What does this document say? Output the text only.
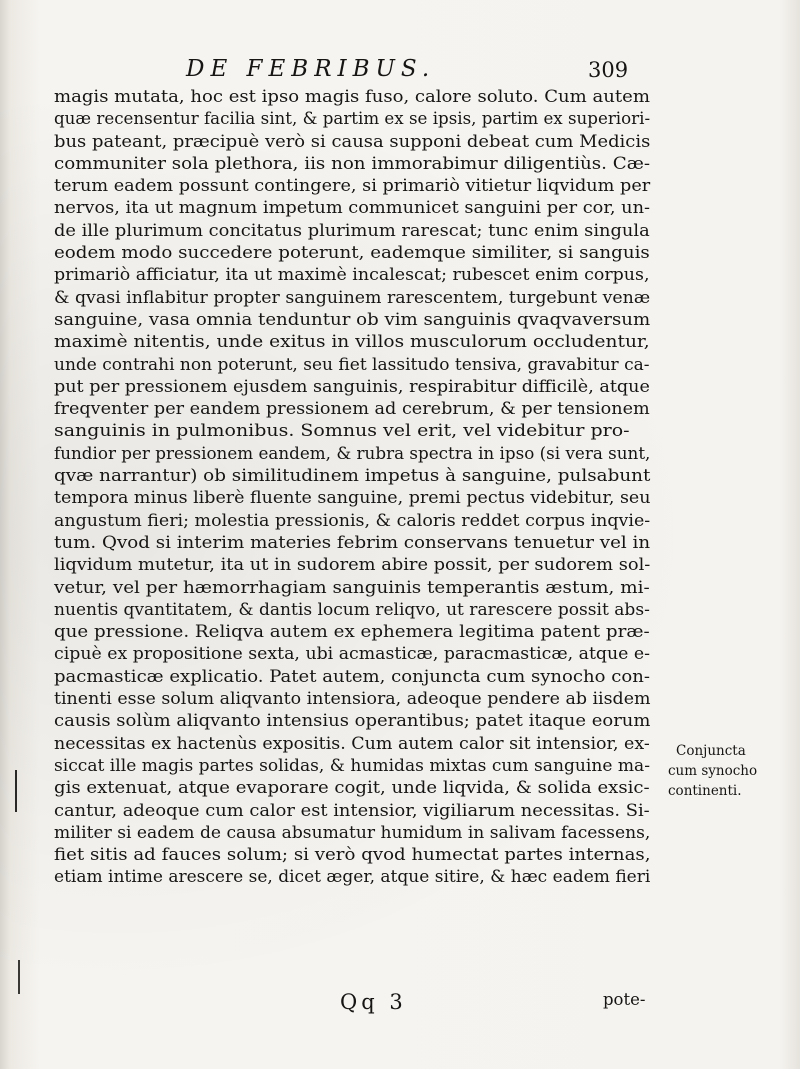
DE FEBRIBUS.	309
magis mutata, hoc est ipso magis fuso, calore soluto. Cum autem
quæ recensentur facilia sint, & partim ex se ipsis, partim ex superiori-
bus pateant, præcipuè verò si causa supponi debeat cum Medicis
communiter sola plethora, iis non immorabimur diligentiùs. Cæ-
terum eadem possunt contingere, si primariò vitietur liqvidum per
nervos, ita ut magnum impetum communicet sanguini per cor, un-
de ille plurimum concitatus plurimum rarescat; tunc enim singula
eodem modo succedere poterunt, eademque similiter, si sanguis
primariò afficiatur, ita ut maximè incalescat; rubescet enim corpus,
& qvasi inflabitur propter sanguinem rarescentem, turgebunt venæ
sanguine, vasa omnia tenduntur ob vim sanguinis qvaqvaversum
maximè nitentis, unde exitus in villos musculorum occludentur,
unde contrahi non poterunt, seu fiet lassitudo tensiva, gravabitur ca-
put per pressionem ejusdem sanguinis, respirabitur difficilè, atque
freqventer per eandem pressionem ad cerebrum, & per tensionem
sanguinis in pulmonibus. Somnus vel erit, vel videbitur pro-
fundior per pressionem eandem, & rubra spectra in ipso (si vera sunt,
qvæ narrantur) ob similitudinem impetus à sanguine, pulsabunt
tempora minus liberè fluente sanguine, premi pectus videbitur, seu
angustum fieri; molestia pressionis, & caloris reddet corpus inqvie-
tum. Qvod si interim materies febrim conservans tenuetur vel in
liqvidum mutetur, ita ut in sudorem abire possit, per sudorem sol-
vetur, vel per hæmorrhagiam sanguinis temperantis æstum, mi-
nuentis qvantitatem, & dantis locum reliqvo, ut rarescere possit abs-
que pressione. Reliqva autem ex ephemera legitima patent præ-
cipuè ex propositione sexta, ubi acmasticæ, paracmasticæ, atque e-
pacmasticæ explicatio. Patet autem, conjuncta cum synocho con-
tinenti esse solum aliqvanto intensiora, adeoque pendere ab iisdem
causis solùm aliqvanto intensius operantibus; patet itaque eorum
necessitas ex hactenùs expositis. Cum autem calor sit intensior, ex-
siccat ille magis partes solidas, & humidas mixtas cum sanguine ma-
gis extenuat, atque evaporare cogit, unde liqvida, & solida exsic-
cantur, adeoque cum calor est intensior, vigiliarum necessitas. Si-
militer si eadem de causa absumatur humidum in salivam facessens,
fiet sitis ad fauces solum; si verò qvod humectat partes internas,
etiam intime arescere se, dicet æger, atque sitire, & hæc eadem fieri
Conjuncta
cum synocho
continenti.
Qq 3	pote-
